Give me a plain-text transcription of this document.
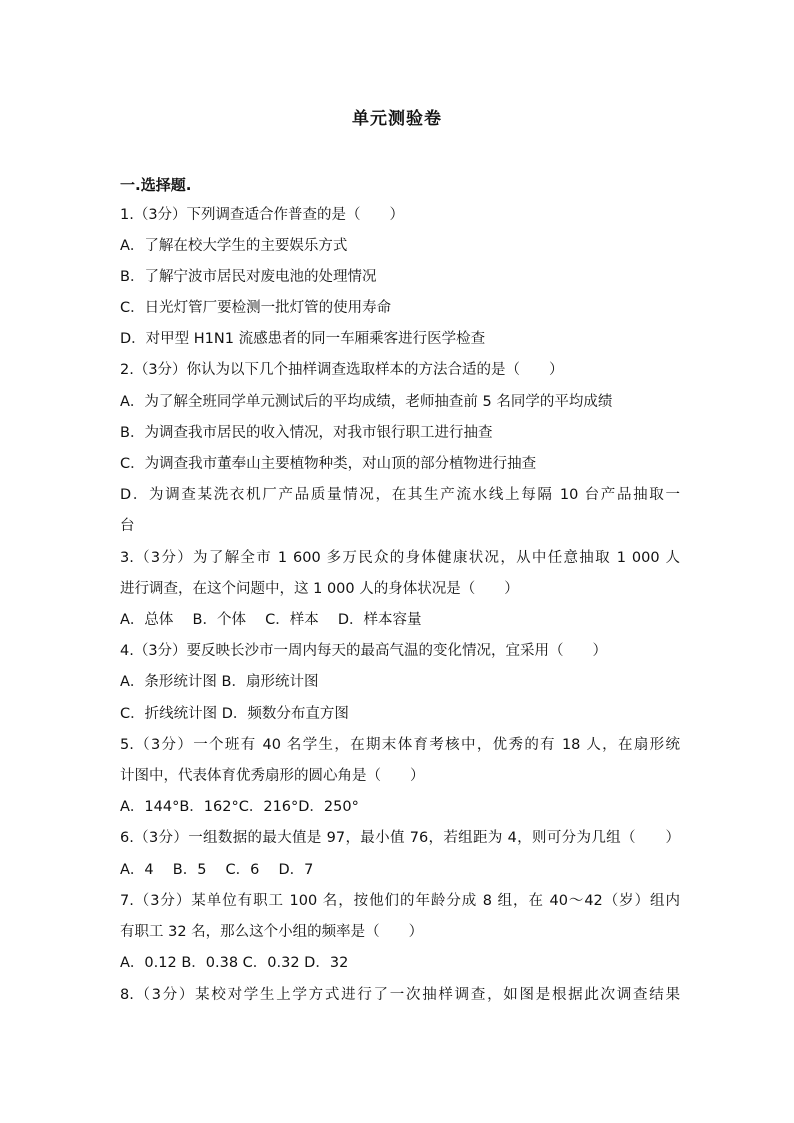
单元测验卷
一.选择题.
1.（3分）下列调查适合作普查的是（　　）
A．了解在校大学生的主要娱乐方式
B．了解宁波市居民对废电池的处理情况
C．日光灯管厂要检测一批灯管的使用寿命
D．对甲型 H1N1 流感患者的同一车厢乘客进行医学检查
2.（3分）你认为以下几个抽样调查选取样本的方法合适的是（　　）
A．为了解全班同学单元测试后的平均成绩，老师抽查前 5 名同学的平均成绩
B．为调查我市居民的收入情况，对我市银行职工进行抽查
C．为调查我市董奉山主要植物种类，对山顶的部分植物进行抽查
D．为调查某洗衣机厂产品质量情况，在其生产流水线上每隔 10 台产品抽取一
台
3.（3分）为了解全市 1 600 多万民众的身体健康状况，从中任意抽取 1 000 人
进行调查，在这个问题中，这 1 000 人的身体状况是（　　）
A．总体　 B．个体　 C．样本　 D．样本容量
4.（3分）要反映长沙市一周内每天的最高气温的变化情况，宜采用（　　）
A．条形统计图 B．扇形统计图
C．折线统计图 D．频数分布直方图
5.（3分）一个班有 40 名学生，在期末体育考核中，优秀的有 18 人，在扇形统
计图中，代表体育优秀扇形的圆心角是（　　）
A．144°B．162°C．216°D．250°
6.（3分）一组数据的最大值是 97，最小值 76，若组距为 4，则可分为几组（　　）
A．4　 B．5　 C．6　 D．7
7.（3分）某单位有职工 100 名，按他们的年龄分成 8 组，在 40～42（岁）组内
有职工 32 名，那么这个小组的频率是（　　）
A．0.12 B．0.38 C．0.32 D．32
8.（3分）某校对学生上学方式进行了一次抽样调查，如图是根据此次调查结果
